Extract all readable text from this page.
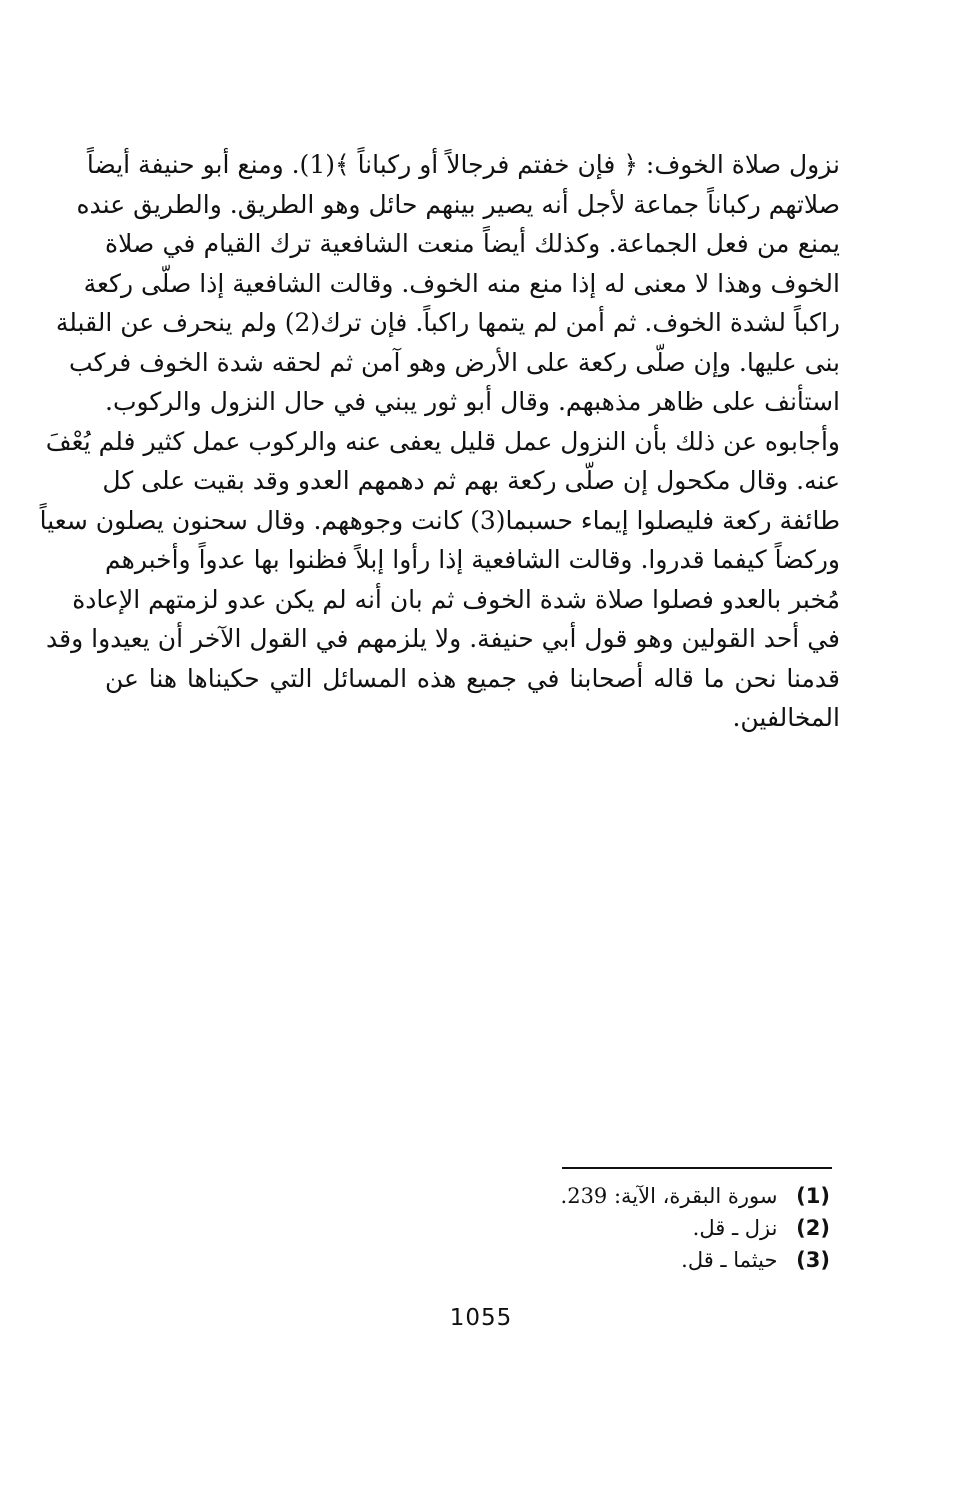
نزول صلاة الخوف: ﴿ فإن خفتم فرجالاً أو ركباناً ﴾(1). ومنع أبو حنيفة أيضاً
صلاتهم ركباناً جماعة لأجل أنه يصير بينهم حائل وهو الطريق. والطريق عنده
يمنع من فعل الجماعة. وكذلك أيضاً منعت الشافعية ترك القيام في صلاة
الخوف وهذا لا معنى له إذا منع منه الخوف. وقالت الشافعية إذا صلّى ركعة
راكباً لشدة الخوف. ثم أمن لم يتمها راكباً. فإن ترك(2) ولم ينحرف عن القبلة
بنى عليها. وإن صلّى ركعة على الأرض وهو آمن ثم لحقه شدة الخوف فركب
استأنف على ظاهر مذهبهم. وقال أبو ثور يبني في حال النزول والركوب.
وأجابوه عن ذلك بأن النزول عمل قليل يعفى عنه والركوب عمل كثير فلم يُعْفَ
عنه. وقال مكحول إن صلّى ركعة بهم ثم دهمهم العدو وقد بقيت على كل
طائفة ركعة فليصلوا إيماء حسبما(3) كانت وجوههم. وقال سحنون يصلون سعياً
وركضاً كيفما قدروا. وقالت الشافعية إذا رأوا إبلاً فظنوا بها عدواً وأخبرهم
مُخبر بالعدو فصلوا صلاة شدة الخوف ثم بان أنه لم يكن عدو لزمتهم الإعادة
في أحد القولين وهو قول أبي حنيفة. ولا يلزمهم في القول الآخر أن يعيدوا وقد
قدمنا نحن ما قاله أصحابنا في جميع هذه المسائل التي حكيناها هنا عن
المخالفين.
(1) سورة البقرة، الآية: 239.
(2) نزل ـ قل.
(3) حيثما ـ قل.
1055
